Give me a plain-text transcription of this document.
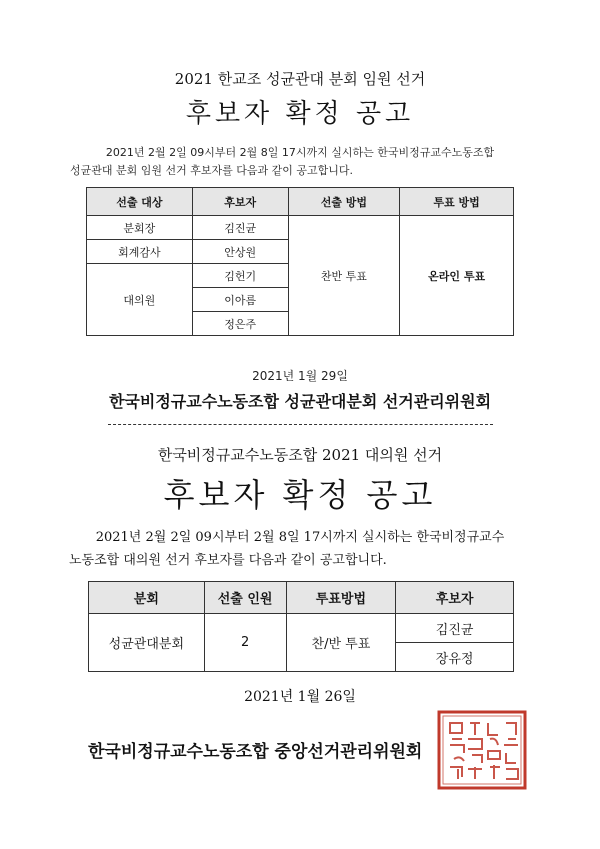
2021 한교조 성균관대 분회 임원 선거
후보자 확정 공고
2021년 2월 2일 09시부터 2월 8일 17시까지 실시하는 한국비정규교수노동조합
성균관대 분회 임원 선거 후보자를 다음과 같이 공고합니다.
선출 대상	후보자	선출 방법	투표 방법
분회장	김진균	찬반 투표	온라인 투표
회계감사	안상원		
대의원	김헌기		
	이아름		
	정은주		
2021년 1월 29일
한국비정규교수노동조합 성균관대분회 선거관리위원회
한국비정규교수노동조합 2021 대의원 선거
후보자 확정 공고
2021년 2월 2일 09시부터 2월 8일 17시까지 실시하는 한국비정규교수
노동조합 대의원 선거 후보자를 다음과 같이 공고합니다.
분회	선출 인원	투표방법	후보자
성균관대분회	2	찬/반 투표	김진균
			장유정
2021년 1월 26일
한국비정규교수노동조합 중앙선거관리위원회
